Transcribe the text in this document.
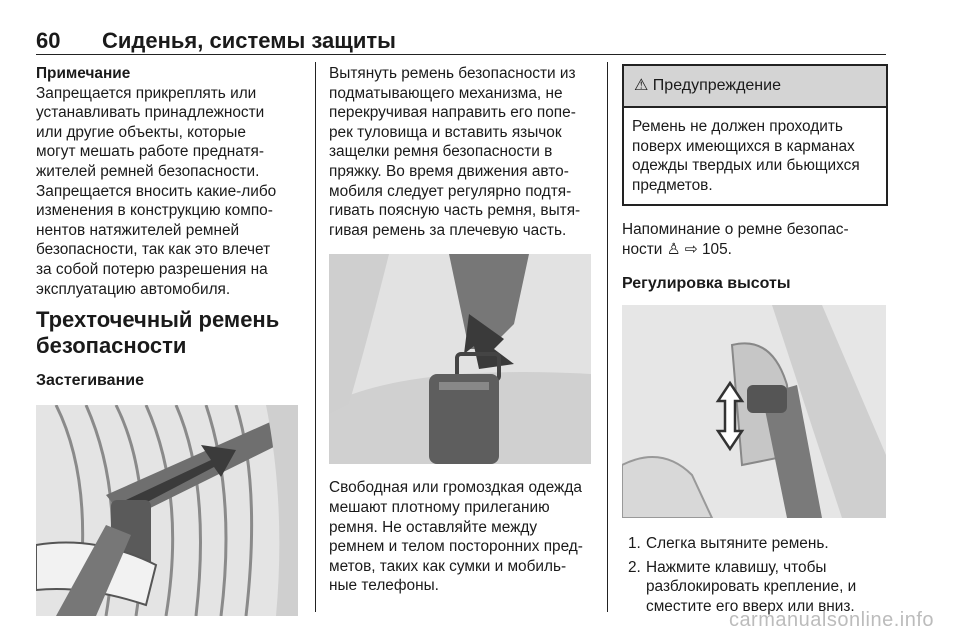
60 Сиденья, системы защиты
Примечание
Запрещается прикреплять или
устанавливать принадлежности
или другие объекты, которые
могут мешать работе преднатя-
жителей ремней безопасности.
Запрещается вносить какие-либо
изменения в конструкцию компо-
нентов натяжителей ремней
безопасности, так как это влечет
за собой потерю разрешения на
эксплуатацию автомобиля.
Трехточечный ремень
безопасности
Застегивание
Вытянуть ремень безопасности из
подматывающего механизма, не
перекручивая направить его попе-
рек туловища и вставить язычок
защелки ремня безопасности в
пряжку. Во время движения авто-
мобиля следует регулярно подтя-
гивать поясную часть ремня, вытя-
гивая ремень за плечевую часть.
Свободная или громоздкая одежда
мешают плотному прилеганию
ремня. Не оставляйте между
ремнем и телом посторонних пред-
метов, таких как сумки и мобиль-
ные телефоны.
⚠ Предупреждение
Ремень не должен проходить
поверх имеющихся в карманах
одежды твердых или бьющихся
предметов.
Напоминание о ремне безопас-
ности ♙ ⇨ 105.
Регулировка высоты
1. Слегка вытяните ремень.
2. Нажмите клавишу, чтобы
разблокировать крепление, и
сместите его вверх или вниз.
carmanualsonline.info
